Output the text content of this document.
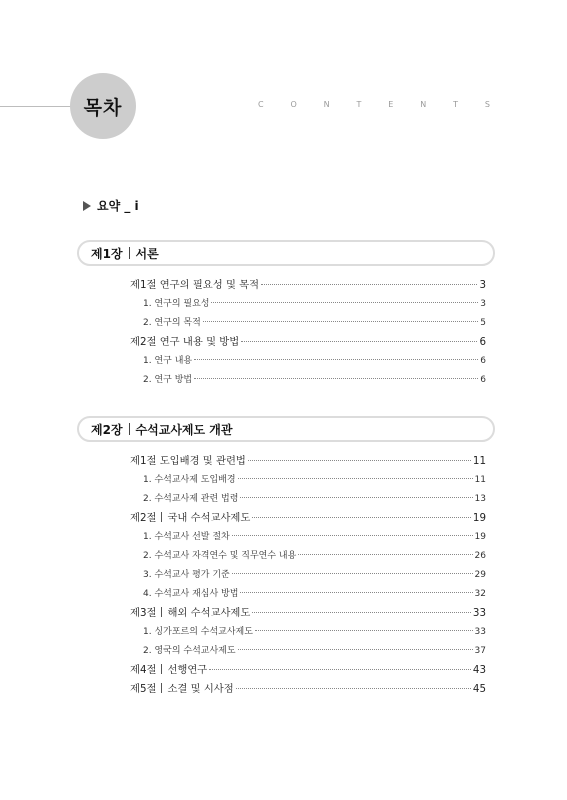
목차	C	O	N	T	E	N	T	S
요약 _ i
제1장 서론
제1절 연구의 필요성 및 목적	3
1. 연구의 필요성	3
2. 연구의 목적	5
제2절 연구 내용 및 방법	6
1. 연구 내용	6
2. 연구 방법	6
제2장 수석교사제도 개관
제1절 도입배경 및 관련법	11
1. 수석교사제 도입배경	11
2. 수석교사제 관련 법령	13
제2절 국내 수석교사제도	19
1. 수석교사 선발 절차	19
2. 수석교사 자격연수 및 직무연수 내용	26
3. 수석교사 평가 기준	29
4. 수석교사 재심사 방법	32
제3절 해외 수석교사제도	33
1. 싱가포르의 수석교사제도	33
2. 영국의 수석교사제도	37
제4절 선행연구	43
제5절 소결 및 시사점	45
